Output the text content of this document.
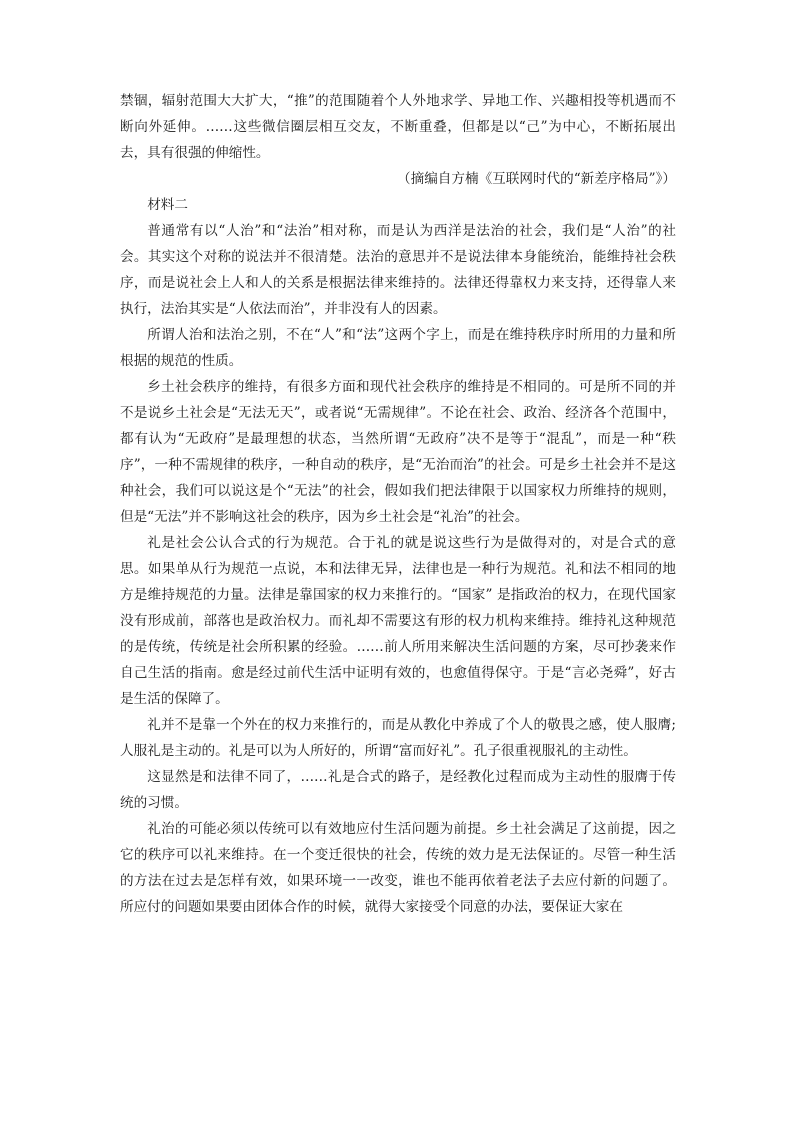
禁锢，辐射范围大大扩大，“推”的范围随着个人外地求学、异地工作、兴趣相投等机遇而不断向外延伸。……这些微信圈层相互交友，不断重叠，但都是以“己”为中心，不断拓展出去，具有很强的伸缩性。

（摘编自方楠《互联网时代的“新差序格局”》）

材料二

普通常有以“人治”和“法治”相对称，而是认为西洋是法治的社会，我们是“人治”的社会。其实这个对称的说法并不很清楚。法治的意思并不是说法律本身能统治，能维持社会秩序，而是说社会上人和人的关系是根据法律来维持的。法律还得靠权力来支持，还得靠人来执行，法治其实是“人依法而治”，并非没有人的因素。

所谓人治和法治之别，不在“人”和“法”这两个字上，而是在维持秩序时所用的力量和所根据的规范的性质。

乡土社会秩序的维持，有很多方面和现代社会秩序的维持是不相同的。可是所不同的并不是说乡土社会是“无法无天”，或者说“无需规律”。不论在社会、政治、经济各个范围中，都有认为“无政府”是最理想的状态，当然所谓“无政府”决不是等于“混乱”，而是一种“秩序”，一种不需规律的秩序，一种自动的秩序，是“无治而治”的社会。可是乡土社会并不是这种社会，我们可以说这是个“无法”的社会，假如我们把法律限于以国家权力所维持的规则，但是“无法”并不影响这社会的秩序，因为乡土社会是“礼治”的社会。

礼是社会公认合式的行为规范。合于礼的就是说这些行为是做得对的，对是合式的意思。如果单从行为规范一点说，本和法律无异，法律也是一种行为规范。礼和法不相同的地方是维持规范的力量。法律是靠国家的权力来推行的。“国家” 是指政治的权力，在现代国家没有形成前，部落也是政治权力。而礼却不需要这有形的权力机构来维持。维持礼这种规范的是传统，传统是社会所积累的经验。……前人所用来解决生活问题的方案，尽可抄袭来作自己生活的指南。愈是经过前代生活中证明有效的，也愈值得保守。于是“言必尧舜”，好古是生活的保障了。

礼并不是靠一个外在的权力来推行的，而是从教化中养成了个人的敬畏之感，使人服膺;人服礼是主动的。礼是可以为人所好的，所谓“富而好礼”。孔子很重视服礼的主动性。

这显然是和法律不同了，……礼是合式的路子，是经教化过程而成为主动性的服膺于传统的习惯。

礼治的可能必须以传统可以有效地应付生活问题为前提。乡土社会满足了这前提，因之它的秩序可以礼来维持。在一个变迁很快的社会，传统的效力是无法保证的。尽管一种生活的方法在过去是怎样有效，如果环境一一改变，谁也不能再依着老法子去应付新的问题了。所应付的问题如果要由团体合作的时候，就得大家接受个同意的办法，要保证大家在
